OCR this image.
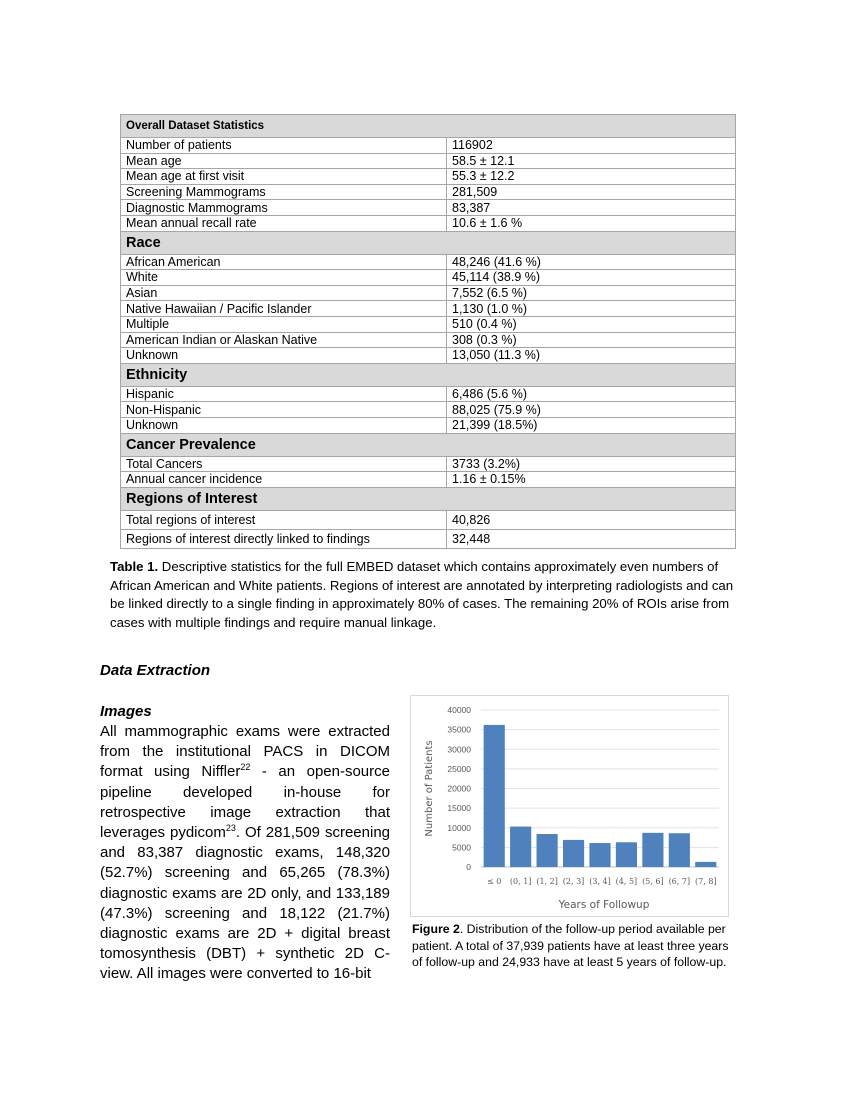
Overall Dataset Statistics	
Number of patients	116902
Mean age	58.5 ± 12.1
Mean age at first visit	55.3 ± 12.2
Screening Mammograms	281,509
Diagnostic Mammograms	83,387
Mean annual recall rate	10.6 ± 1.6 %
Race	
African American	48,246 (41.6 %)
White	45,114 (38.9 %)
Asian	7,552 (6.5 %)
Native Hawaiian / Pacific Islander	1,130 (1.0 %)
Multiple	510 (0.4 %)
American Indian or Alaskan Native	308 (0.3 %)
Unknown	13,050 (11.3 %)
Ethnicity	
Hispanic	6,486 (5.6 %)
Non-Hispanic	88,025 (75.9 %)
Unknown	21,399 (18.5%)
Cancer Prevalence	
Total Cancers	3733 (3.2%)
Annual cancer incidence	1.16 ± 0.15%
Regions of Interest	
Total regions of interest	40,826
Regions of interest directly linked to findings	32,448

Table 1. Descriptive statistics for the full EMBED dataset which contains approximately even numbers of African American and White patients. Regions of interest are annotated by interpreting radiologists and can be linked directly to a single finding in approximately 80% of cases. The remaining 20% of ROIs arise from cases with multiple findings and require manual linkage.

Data Extraction
Images

All mammographic exams were extracted from the institutional PACS in DICOM format using Niffler$^{22}$ - an open-source pipeline developed in-house for retrospective image extraction that leverages pydicom$^{23}$. Of 281,509 screening and 83,387 diagnostic exams, 148,320 (52.7%) screening and 65,265 (78.3%) diagnostic exams are 2D only, and 133,189 (47.3%) screening and 18,122 (21.7%) diagnostic exams are 2D + digital breast tomosynthesis (DBT) + synthetic 2D C-view. All images were converted to 16-bit

0
5000
10000
15000
20000
25000
30000
35000
40000
≤ 0 (0, 1] (1, 2] (2, 3] (3, 4] (4, 5] (5, 6] (6, 7] (7, 8]
Years of Followup
Number of Patients

Figure 2. Distribution of the follow-up period available per patient. A total of 37,939 patients have at least three years of follow-up and 24,933 have at least 5 years of follow-up.
